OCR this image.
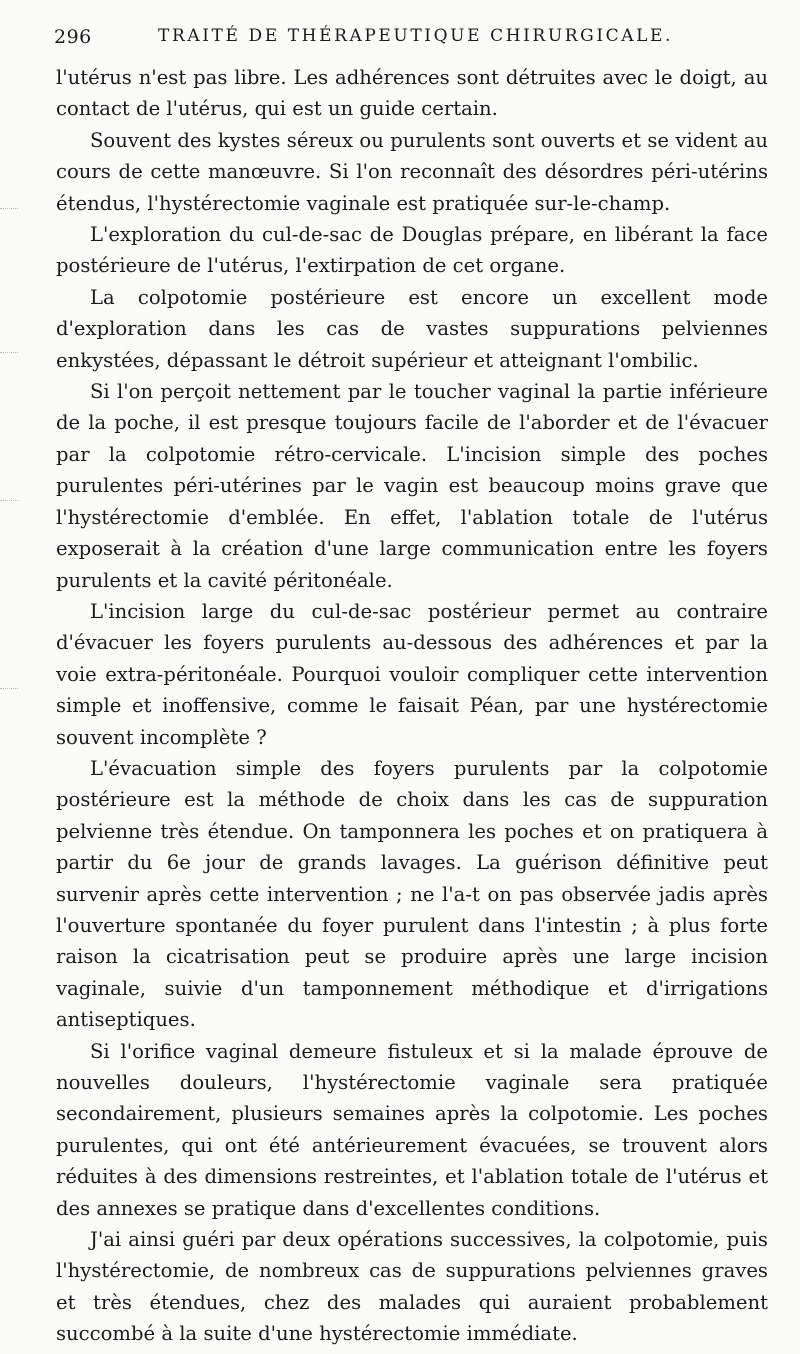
296	TRAITÉ DE THÉRAPEUTIQUE CHIRURGICALE.

l'utérus n'est pas libre. Les adhérences sont détruites avec le doigt, au contact de l'utérus, qui est un guide certain.

Souvent des kystes séreux ou purulents sont ouverts et se vident au cours de cette manœuvre. Si l'on reconnaît des désordres péri-utérins étendus, l'hystérectomie vaginale est pratiquée sur-le-champ.

L'exploration du cul-de-sac de Douglas prépare, en libérant la face postérieure de l'utérus, l'extirpation de cet organe.

La colpotomie postérieure est encore un excellent mode d'exploration dans les cas de vastes suppurations pelviennes enkystées, dépassant le détroit supérieur et atteignant l'ombilic.

Si l'on perçoit nettement par le toucher vaginal la partie inférieure de la poche, il est presque toujours facile de l'aborder et de l'évacuer par la colpotomie rétro-cervicale. L'incision simple des poches purulentes péri-utérines par le vagin est beaucoup moins grave que l'hystérectomie d'emblée. En effet, l'ablation totale de l'utérus exposerait à la création d'une large communication entre les foyers purulents et la cavité péritonéale.

L'incision large du cul-de-sac postérieur permet au contraire d'évacuer les foyers purulents au-dessous des adhérences et par la voie extra-péritonéale. Pourquoi vouloir compliquer cette intervention simple et inoffensive, comme le faisait Péan, par une hystérectomie souvent incomplète ?

L'évacuation simple des foyers purulents par la colpotomie postérieure est la méthode de choix dans les cas de suppuration pelvienne très étendue. On tamponnera les poches et on pratiquera à partir du 6e jour de grands lavages. La guérison définitive peut survenir après cette intervention ; ne l'a-t on pas observée jadis après l'ouverture spontanée du foyer purulent dans l'intestin ; à plus forte raison la cicatrisation peut se produire après une large incision vaginale, suivie d'un tamponnement méthodique et d'irrigations antiseptiques.

Si l'orifice vaginal demeure fistuleux et si la malade éprouve de nouvelles douleurs, l'hystérectomie vaginale sera pratiquée secondairement, plusieurs semaines après la colpotomie. Les poches purulentes, qui ont été antérieurement évacuées, se trouvent alors réduites à des dimensions restreintes, et l'ablation totale de l'utérus et des annexes se pratique dans d'excellentes conditions.

J'ai ainsi guéri par deux opérations successives, la colpotomie, puis l'hystérectomie, de nombreux cas de suppurations pelviennes graves et très étendues, chez des malades qui auraient probablement succombé à la suite d'une hystérectomie immédiate.
